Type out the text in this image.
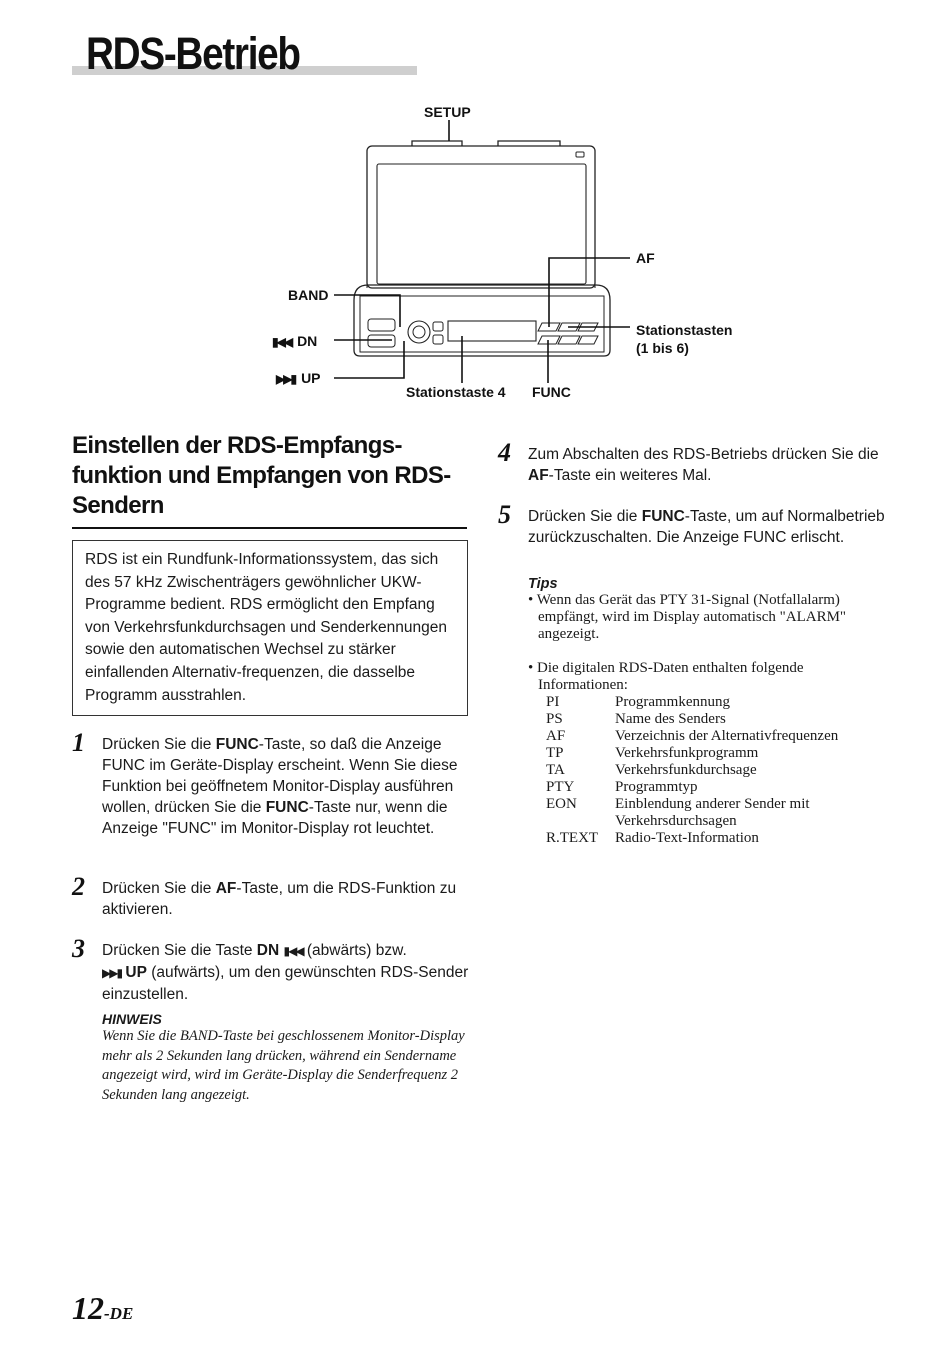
RDS-Betrieb
SETUP
AF
BAND
▮◀◀ DN
▶▶▮ UP
Stationstasten
(1 bis 6)
Stationstaste 4 FUNC
Einstellen der RDS-Empfangs-funktion und Empfangen von RDS-Sendern
RDS ist ein Rundfunk-Informationssystem, das sich des 57 kHz Zwischenträgers gewöhnlicher UKW-Programme bedient. RDS ermöglicht den Empfang von Verkehrsfunkdurchsagen und Senderkennungen sowie den automatischen Wechsel zu stärker einfallenden Alternativ-frequenzen, die dasselbe Programm ausstrahlen.
1 Drücken Sie die FUNC-Taste, so daß die Anzeige FUNC im Geräte-Display erscheint. Wenn Sie diese Funktion bei geöffnetem Monitor-Display ausführen wollen, drücken Sie die FUNC-Taste nur, wenn die Anzeige "FUNC" im Monitor-Display rot leuchtet.
2 Drücken Sie die AF-Taste, um die RDS-Funktion zu aktivieren.
3 Drücken Sie die Taste DN ▮◀◀ (abwärts) bzw.
▶▶▮ UP (aufwärts), um den gewünschten RDS-Sender einzustellen.
HINWEIS
Wenn Sie die BAND-Taste bei geschlossenem Monitor-Display mehr als 2 Sekunden lang drücken, während ein Sendername angezeigt wird, wird im Geräte-Display die Senderfrequenz 2 Sekunden lang angezeigt.
4 Zum Abschalten des RDS-Betriebs drücken Sie die AF-Taste ein weiteres Mal.
5 Drücken Sie die FUNC-Taste, um auf Normalbetrieb zurückzuschalten. Die Anzeige FUNC erlischt.
Tips
• Wenn das Gerät das PTY 31-Signal (Notfallalarm) empfängt, wird im Display automatisch "ALARM" angezeigt.
• Die digitalen RDS-Daten enthalten folgende Informationen:
PI	Programmkennung
PS	Name des Senders
AF	Verzeichnis der Alternativfrequenzen
TP	Verkehrsfunkprogramm
TA	Verkehrsfunkdurchsage
PTY	Programmtyp
EON	Einblendung anderer Sender mit Verkehrsdurchsagen
R.TEXT Radio-Text-Information
12-DE
